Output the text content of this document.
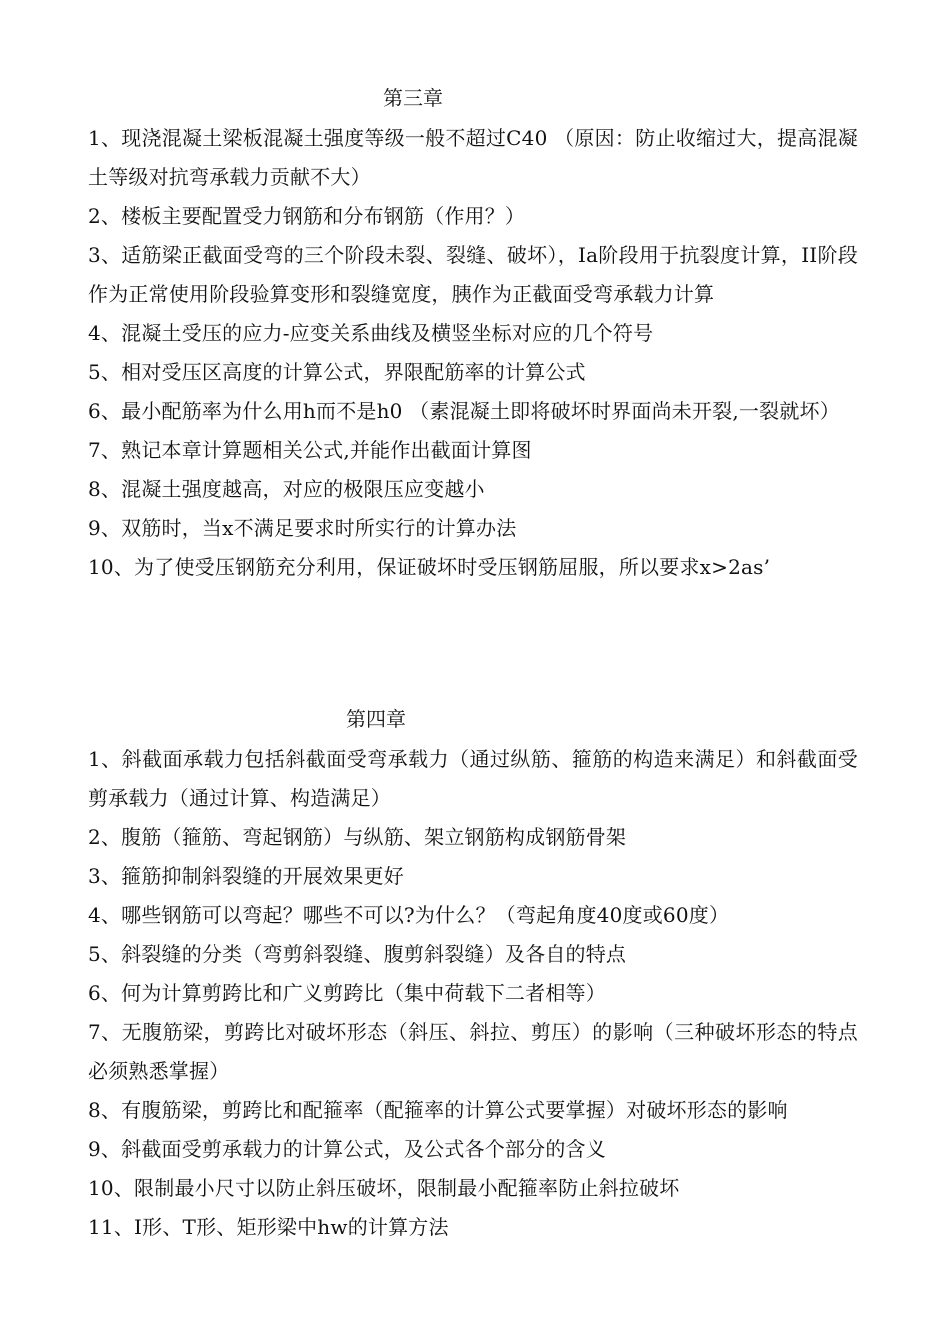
第三章
1、现浇混凝土梁板混凝土强度等级一般不超过C40 （原因：防止收缩过大，提高混凝土等级对抗弯承载力贡献不大）
2、楼板主要配置受力钢筋和分布钢筋（作用？）
3、适筋梁正截面受弯的三个阶段未裂、裂缝、破坏），Ia阶段用于抗裂度计算，II阶段作为正常使用阶段验算变形和裂缝宽度，胰作为正截面受弯承载力计算
4、混凝土受压的应力-应变关系曲线及横竖坐标对应的几个符号
5、相对受压区高度的计算公式，界限配筋率的计算公式
6、最小配筋率为什么用h而不是h0 （素混凝土即将破坏时界面尚未开裂,一裂就坏）
7、熟记本章计算题相关公式,并能作出截面计算图
8、混凝土强度越高，对应的极限压应变越小
9、双筋时，当x不满足要求时所实行的计算办法
10、为了使受压钢筋充分利用，保证破坏时受压钢筋屈服，所以要求x>2as’
第四章
1、斜截面承载力包括斜截面受弯承载力（通过纵筋、箍筋的构造来满足）和斜截面受剪承载力（通过计算、构造满足）
2、腹筋（箍筋、弯起钢筋）与纵筋、架立钢筋构成钢筋骨架
3、箍筋抑制斜裂缝的开展效果更好
4、哪些钢筋可以弯起？哪些不可以?为什么？（弯起角度40度或60度）
5、斜裂缝的分类（弯剪斜裂缝、腹剪斜裂缝）及各自的特点
6、何为计算剪跨比和广义剪跨比（集中荷载下二者相等）
7、无腹筋梁，剪跨比对破坏形态（斜压、斜拉、剪压）的影响（三种破坏形态的特点必须熟悉掌握）
8、有腹筋梁，剪跨比和配箍率（配箍率的计算公式要掌握）对破坏形态的影响
9、斜截面受剪承载力的计算公式，及公式各个部分的含义
10、限制最小尺寸以防止斜压破坏，限制最小配箍率防止斜拉破坏
11、I形、T形、矩形梁中hw的计算方法
